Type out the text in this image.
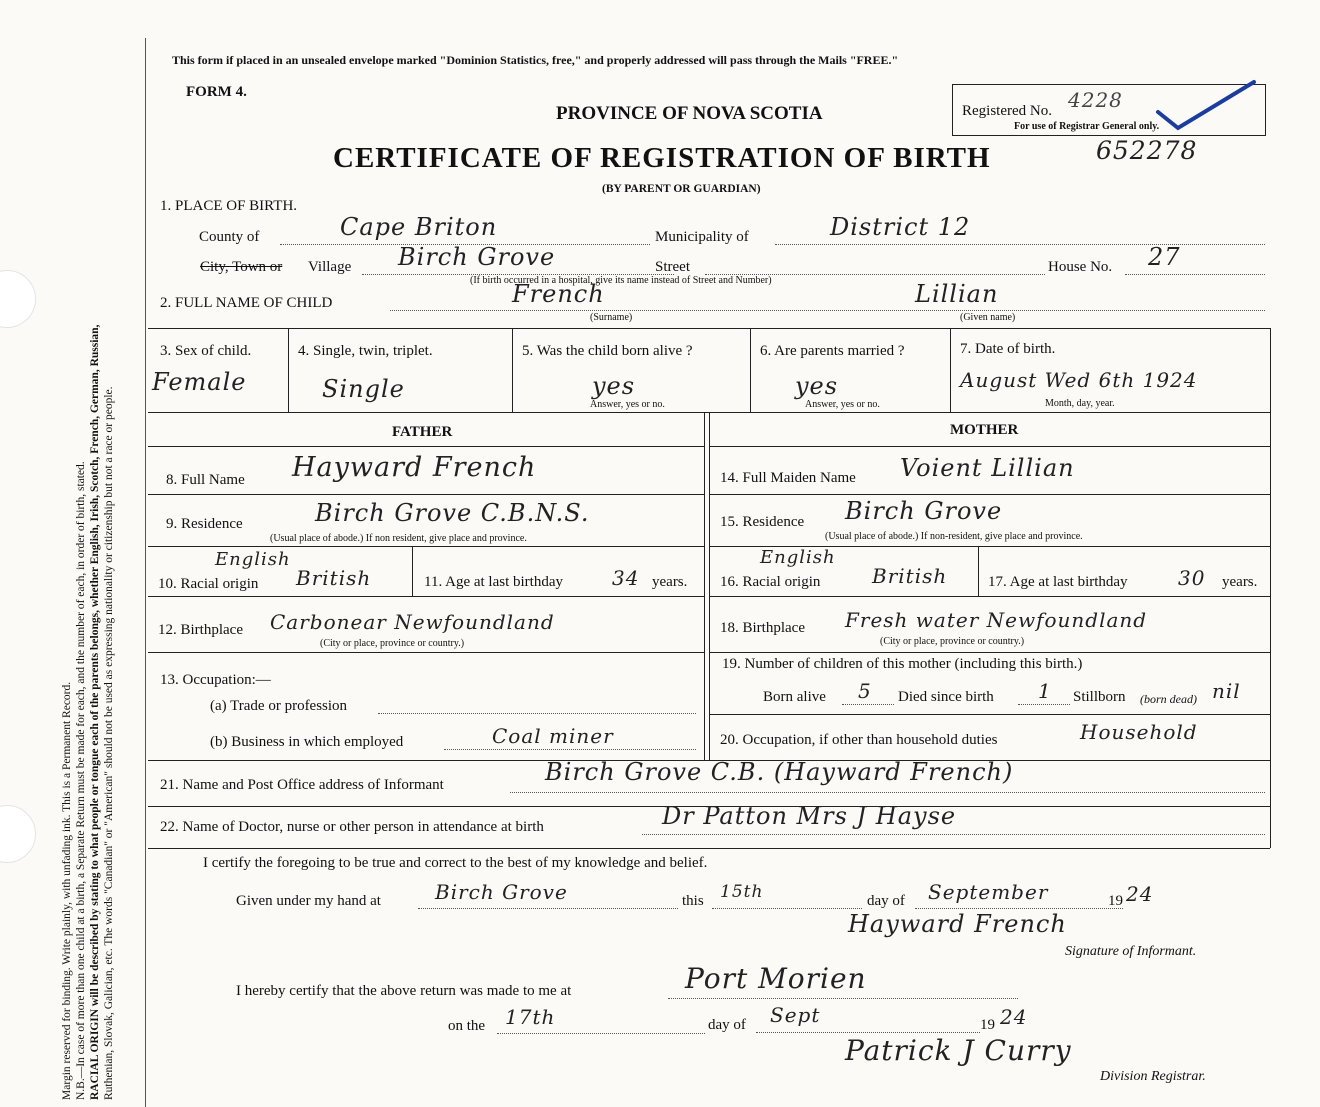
Margin reserved for binding. Write plainly, with unfading ink. This is a Permanent Record. N.B.—In case of more than one child at a birth, a Separate Return must be made for each, and the number of each, in order of birth, stated. RACIAL ORIGIN will be described by stating to what people or tongue each of the parents belongs, whether English, Irish, Scotch, French, German, Russian, Ruthenian, Slovak, Galician, etc. The words "Canadian" or "American" should not be used as expressing nationality or citizenship but not a race or people.
This form if placed in an unsealed envelope marked "Dominion Statistics, free," and properly addressed will pass through the Mails "FREE."
FORM 4.
PROVINCE OF NOVA SCOTIA
CERTIFICATE OF REGISTRATION OF BIRTH
(BY PARENT OR GUARDIAN)
Registered No. 4228
For use of Registrar General only.
652278
1. PLACE OF BIRTH.
County of	Cape Briton	Municipality of	District 12
City, Town or Village Birch Grove	Street	House No. 27
(If birth occurred in a hospital, give its name instead of Street and Number)
2. FULL NAME OF CHILD	French
(Surname)
Lillian
(Given name)
3. Sex of child.
Female
4. Single, twin, triplet.
Single
5. Was the child born alive ?
yes
Answer, yes or no.
6. Are parents married ?
yes
Answer, yes or no.
7. Date of birth.
August Wed 6th 1924
Month, day, year.
FATHER	MOTHER
8. Full Name Hayward French	14. Full Maiden Name Voient Lillian
9. Residence	Birch Grove C.B.N.S.
(Usual place of abode.) If non resident, give place and province.
15. Residence Birch Grove
(Usual place of abode.) If non-resident, give place and province.
English
10. Racial origin British	11. Age at last birthday 34 years.
English
16. Racial origin	British	17. Age at last birthday	30 years.
12. Birthplace Carbonear Newfoundland
(City or place, province or country.)
18. Birthplace Fresh water Newfoundland
(City or place, province or country.)
13. Occupation:—
(a) Trade or profession
(b) Business in which employed	Coal miner
19. Number of children of this mother (including this birth.)
Born alive 5 Died since birth 1 Stillborn (born dead) nil
20. Occupation, if other than household duties	Household
21. Name and Post Office address of Informant	Birch Grove C.B. (Hayward French)
22. Name of Doctor, nurse or other person in attendance at birth	Dr Patton Mrs J Hayse
I certify the foregoing to be true and correct to the best of my knowledge and belief.
Given under my hand at	Birch Grove	this 15th	day of September	19 24
Hayward French
Signature of Informant.
I hereby certify that the above return was made to me at	Port Morien
on the 17th	day of Sept	19 24
Patrick J Curry
Division Registrar.
